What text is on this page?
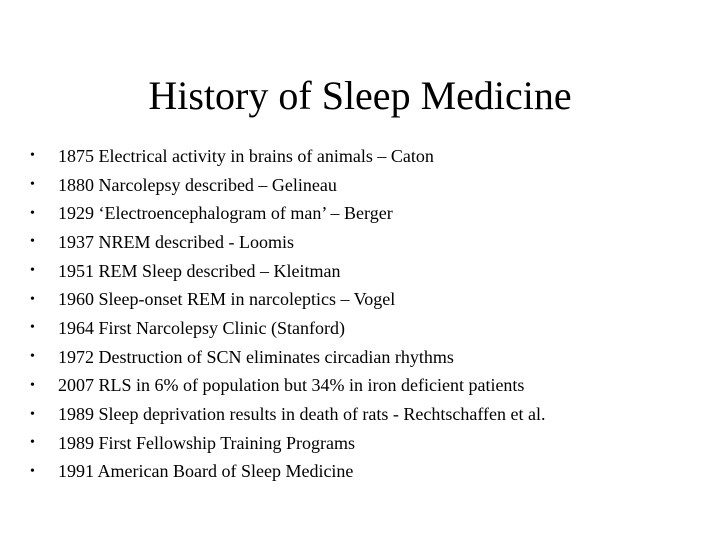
History of Sleep Medicine
•	1875 Electrical activity in brains of animals – Caton
•	1880 Narcolepsy described – Gelineau
•	1929 ‘Electroencephalogram of man’ – Berger
•	1937 NREM described - Loomis
•	1951 REM Sleep described – Kleitman
•	1960 Sleep-onset REM in narcoleptics – Vogel
•	1964 First Narcolepsy Clinic (Stanford)
•	1972 Destruction of SCN eliminates circadian rhythms
•	2007 RLS in 6% of population but 34% in iron deficient patients
•	1989 Sleep deprivation results in death of rats - Rechtschaffen et al.
•	1989 First Fellowship Training Programs
•	1991 American Board of Sleep Medicine
